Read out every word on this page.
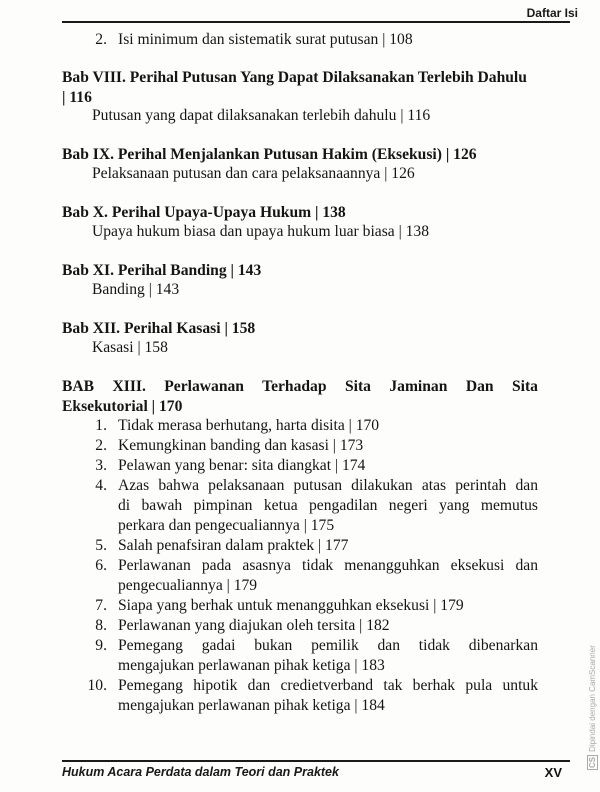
Daftar Isi
2. Isi minimum dan sistematik surat putusan | 108

Bab VIII. Perihal Putusan Yang Dapat Dilaksanakan Terlebih Dahulu

| 116

Putusan yang dapat dilaksanakan terlebih dahulu | 116

Bab IX. Perihal Menjalankan Putusan Hakim (Eksekusi) | 126

Pelaksanaan putusan dan cara pelaksanaannya | 126

Bab X. Perihal Upaya-Upaya Hukum | 138

Upaya hukum biasa dan upaya hukum luar biasa | 138

Bab XI. Perihal Banding | 143

Banding | 143

Bab XII. Perihal Kasasi | 158

Kasasi | 158

BAB XIII. Perlawanan Terhadap Sita Jaminan Dan Sita

Eksekutorial | 170

1. Tidak merasa berhutang, harta disita | 170
2. Kemungkinan banding dan kasasi | 173
3. Pelawan yang benar: sita diangkat | 174
4. Azas bahwa pelaksanaan putusan dilakukan atas perintah dan

di bawah pimpinan ketua pengadilan negeri yang memutus

perkara dan pengecualiannya | 175
5. Salah penafsiran dalam praktek | 177
6. Perlawanan pada asasnya tidak menangguhkan eksekusi dan

pengecualiannya | 179
7. Siapa yang berhak untuk menangguhkan eksekusi | 179
8. Perlawanan yang diajukan oleh tersita | 182
9. Pemegang gadai bukan pemilik dan tidak dibenarkan

mengajukan perlawanan pihak ketiga | 183
10. Pemegang hipotik dan credietverband tak berhak pula untuk

mengajukan perlawanan pihak ketiga | 184
Hukum Acara Perdata dalam Teori dan Praktek	XV
CSDipindai dengan CamScanner
